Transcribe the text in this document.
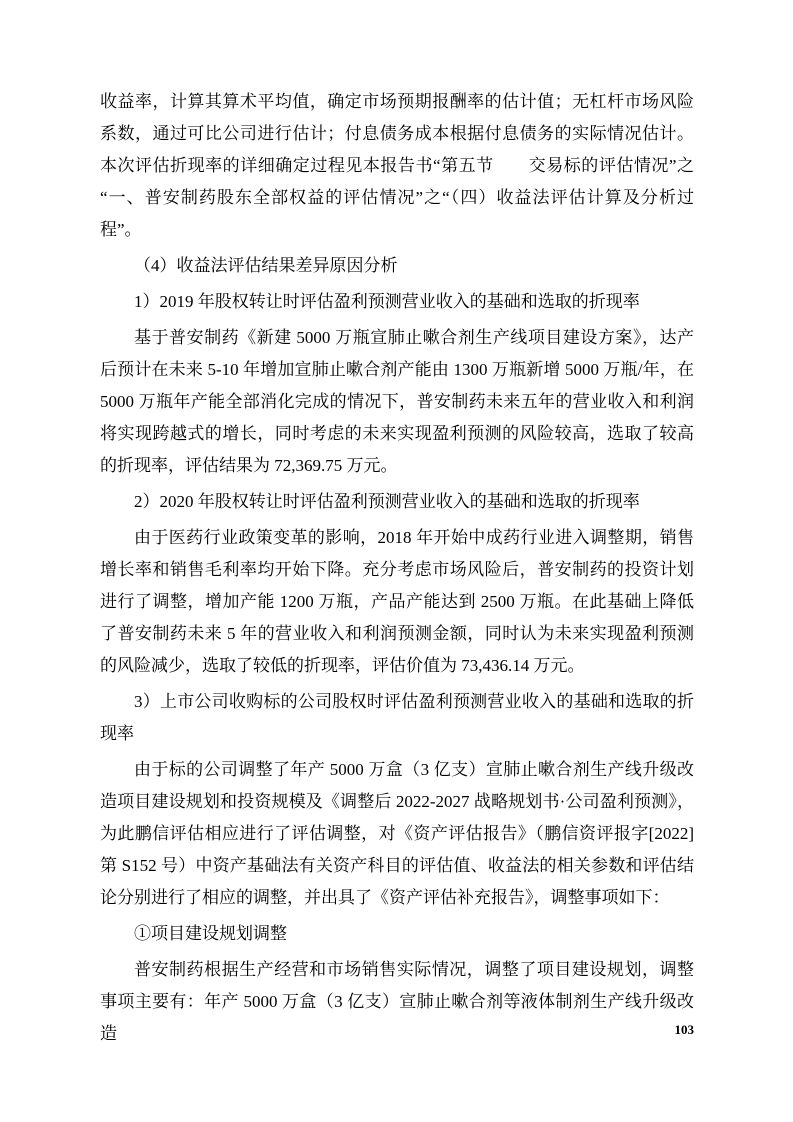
收益率，计算其算术平均值，确定市场预期报酬率的估计值；无杠杆市场风险系数，通过可比公司进行估计；付息债务成本根据付息债务的实际情况估计。本次评估折现率的详细确定过程见本报告书“第五节　　交易标的评估情况”之“一、普安制药股东全部权益的评估情况”之“（四）收益法评估计算及分析过程”。

（4）收益法评估结果差异原因分析

1）2019 年股权转让时评估盈利预测营业收入的基础和选取的折现率

基于普安制药《新建 5000 万瓶宣肺止嗽合剂生产线项目建设方案》，达产后预计在未来 5-10 年增加宣肺止嗽合剂产能由 1300 万瓶新增 5000 万瓶/年，在 5000 万瓶年产能全部消化完成的情况下，普安制药未来五年的营业收入和利润将实现跨越式的增长，同时考虑的未来实现盈利预测的风险较高，选取了较高的折现率，评估结果为 72,369.75 万元。

2）2020 年股权转让时评估盈利预测营业收入的基础和选取的折现率

由于医药行业政策变革的影响，2018 年开始中成药行业进入调整期，销售增长率和销售毛利率均开始下降。充分考虑市场风险后，普安制药的投资计划进行了调整，增加产能 1200 万瓶，产品产能达到 2500 万瓶。在此基础上降低了普安制药未来 5 年的营业收入和利润预测金额，同时认为未来实现盈利预测的风险减少，选取了较低的折现率，评估价值为 73,436.14 万元。

3）上市公司收购标的公司股权时评估盈利预测营业收入的基础和选取的折现率

由于标的公司调整了年产 5000 万盒（3 亿支）宣肺止嗽合剂生产线升级改造项目建设规划和投资规模及《调整后 2022-2027 战略规划书·公司盈利预测》，为此鹏信评估相应进行了评估调整，对《资产评估报告》（鹏信资评报字[2022]第 S152 号）中资产基础法有关资产科目的评估值、收益法的相关参数和评估结论分别进行了相应的调整，并出具了《资产评估补充报告》，调整事项如下：

①项目建设规划调整

普安制药根据生产经营和市场销售实际情况，调整了项目建设规划，调整事项主要有：年产 5000 万盒（3 亿支）宣肺止嗽合剂等液体制剂生产线升级改造	103
